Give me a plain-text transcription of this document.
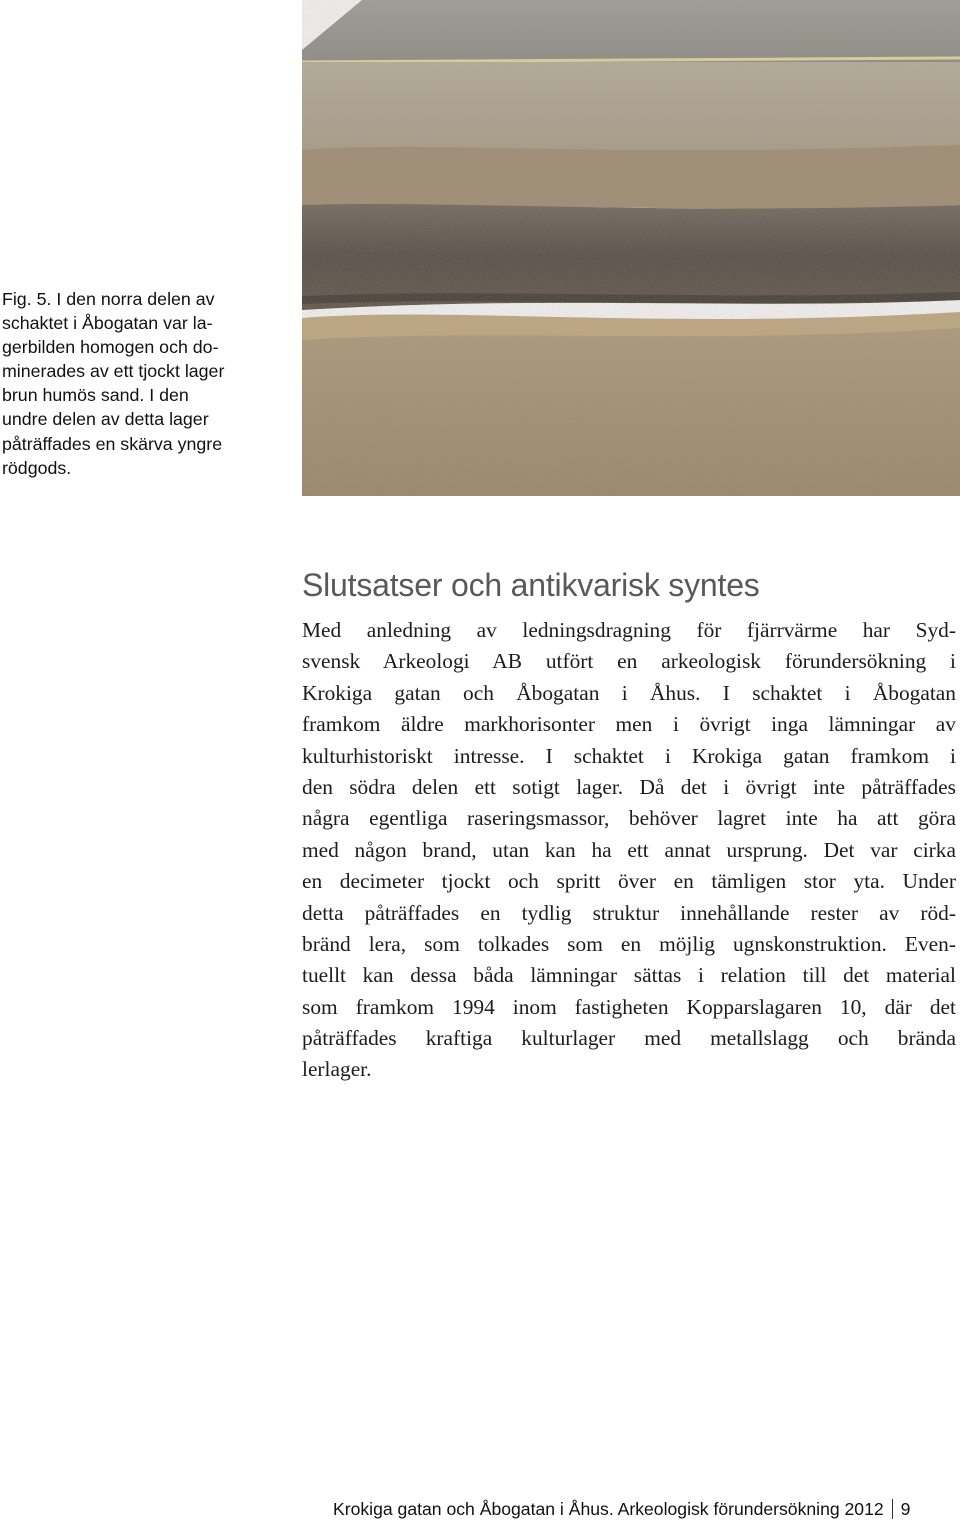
Fig. 5. I den norra delen av
schaktet i Åbogatan var la-
gerbilden homogen och do-
minerades av ett tjockt lager
brun humös sand. I den
undre delen av detta lager
påträffades en skärva yngre
rödgods.
Slutsatser och antikvarisk syntes
Med anledning av ledningsdragning för fjärrvärme har Syd-
svensk Arkeologi AB utfört en arkeologisk förundersökning i
Krokiga gatan och Åbogatan i Åhus. I schaktet i Åbogatan
framkom äldre markhorisonter men i övrigt inga lämningar av
kulturhistoriskt intresse. I schaktet i Krokiga gatan framkom i
den södra delen ett sotigt lager. Då det i övrigt inte påträffades
några egentliga raseringsmassor, behöver lagret inte ha att göra
med någon brand, utan kan ha ett annat ursprung. Det var cirka
en decimeter tjockt och spritt över en tämligen stor yta. Under
detta påträffades en tydlig struktur innehållande rester av röd-
bränd lera, som tolkades som en möjlig ugnskonstruktion. Even-
tuellt kan dessa båda lämningar sättas i relation till det material
som framkom 1994 inom fastigheten Kopparslagaren 10, där det
påträffades kraftiga kulturlager med metallslagg och brända
lerlager.
Krokiga gatan och Åbogatan i Åhus. Arkeologisk förundersökning 2012 9
